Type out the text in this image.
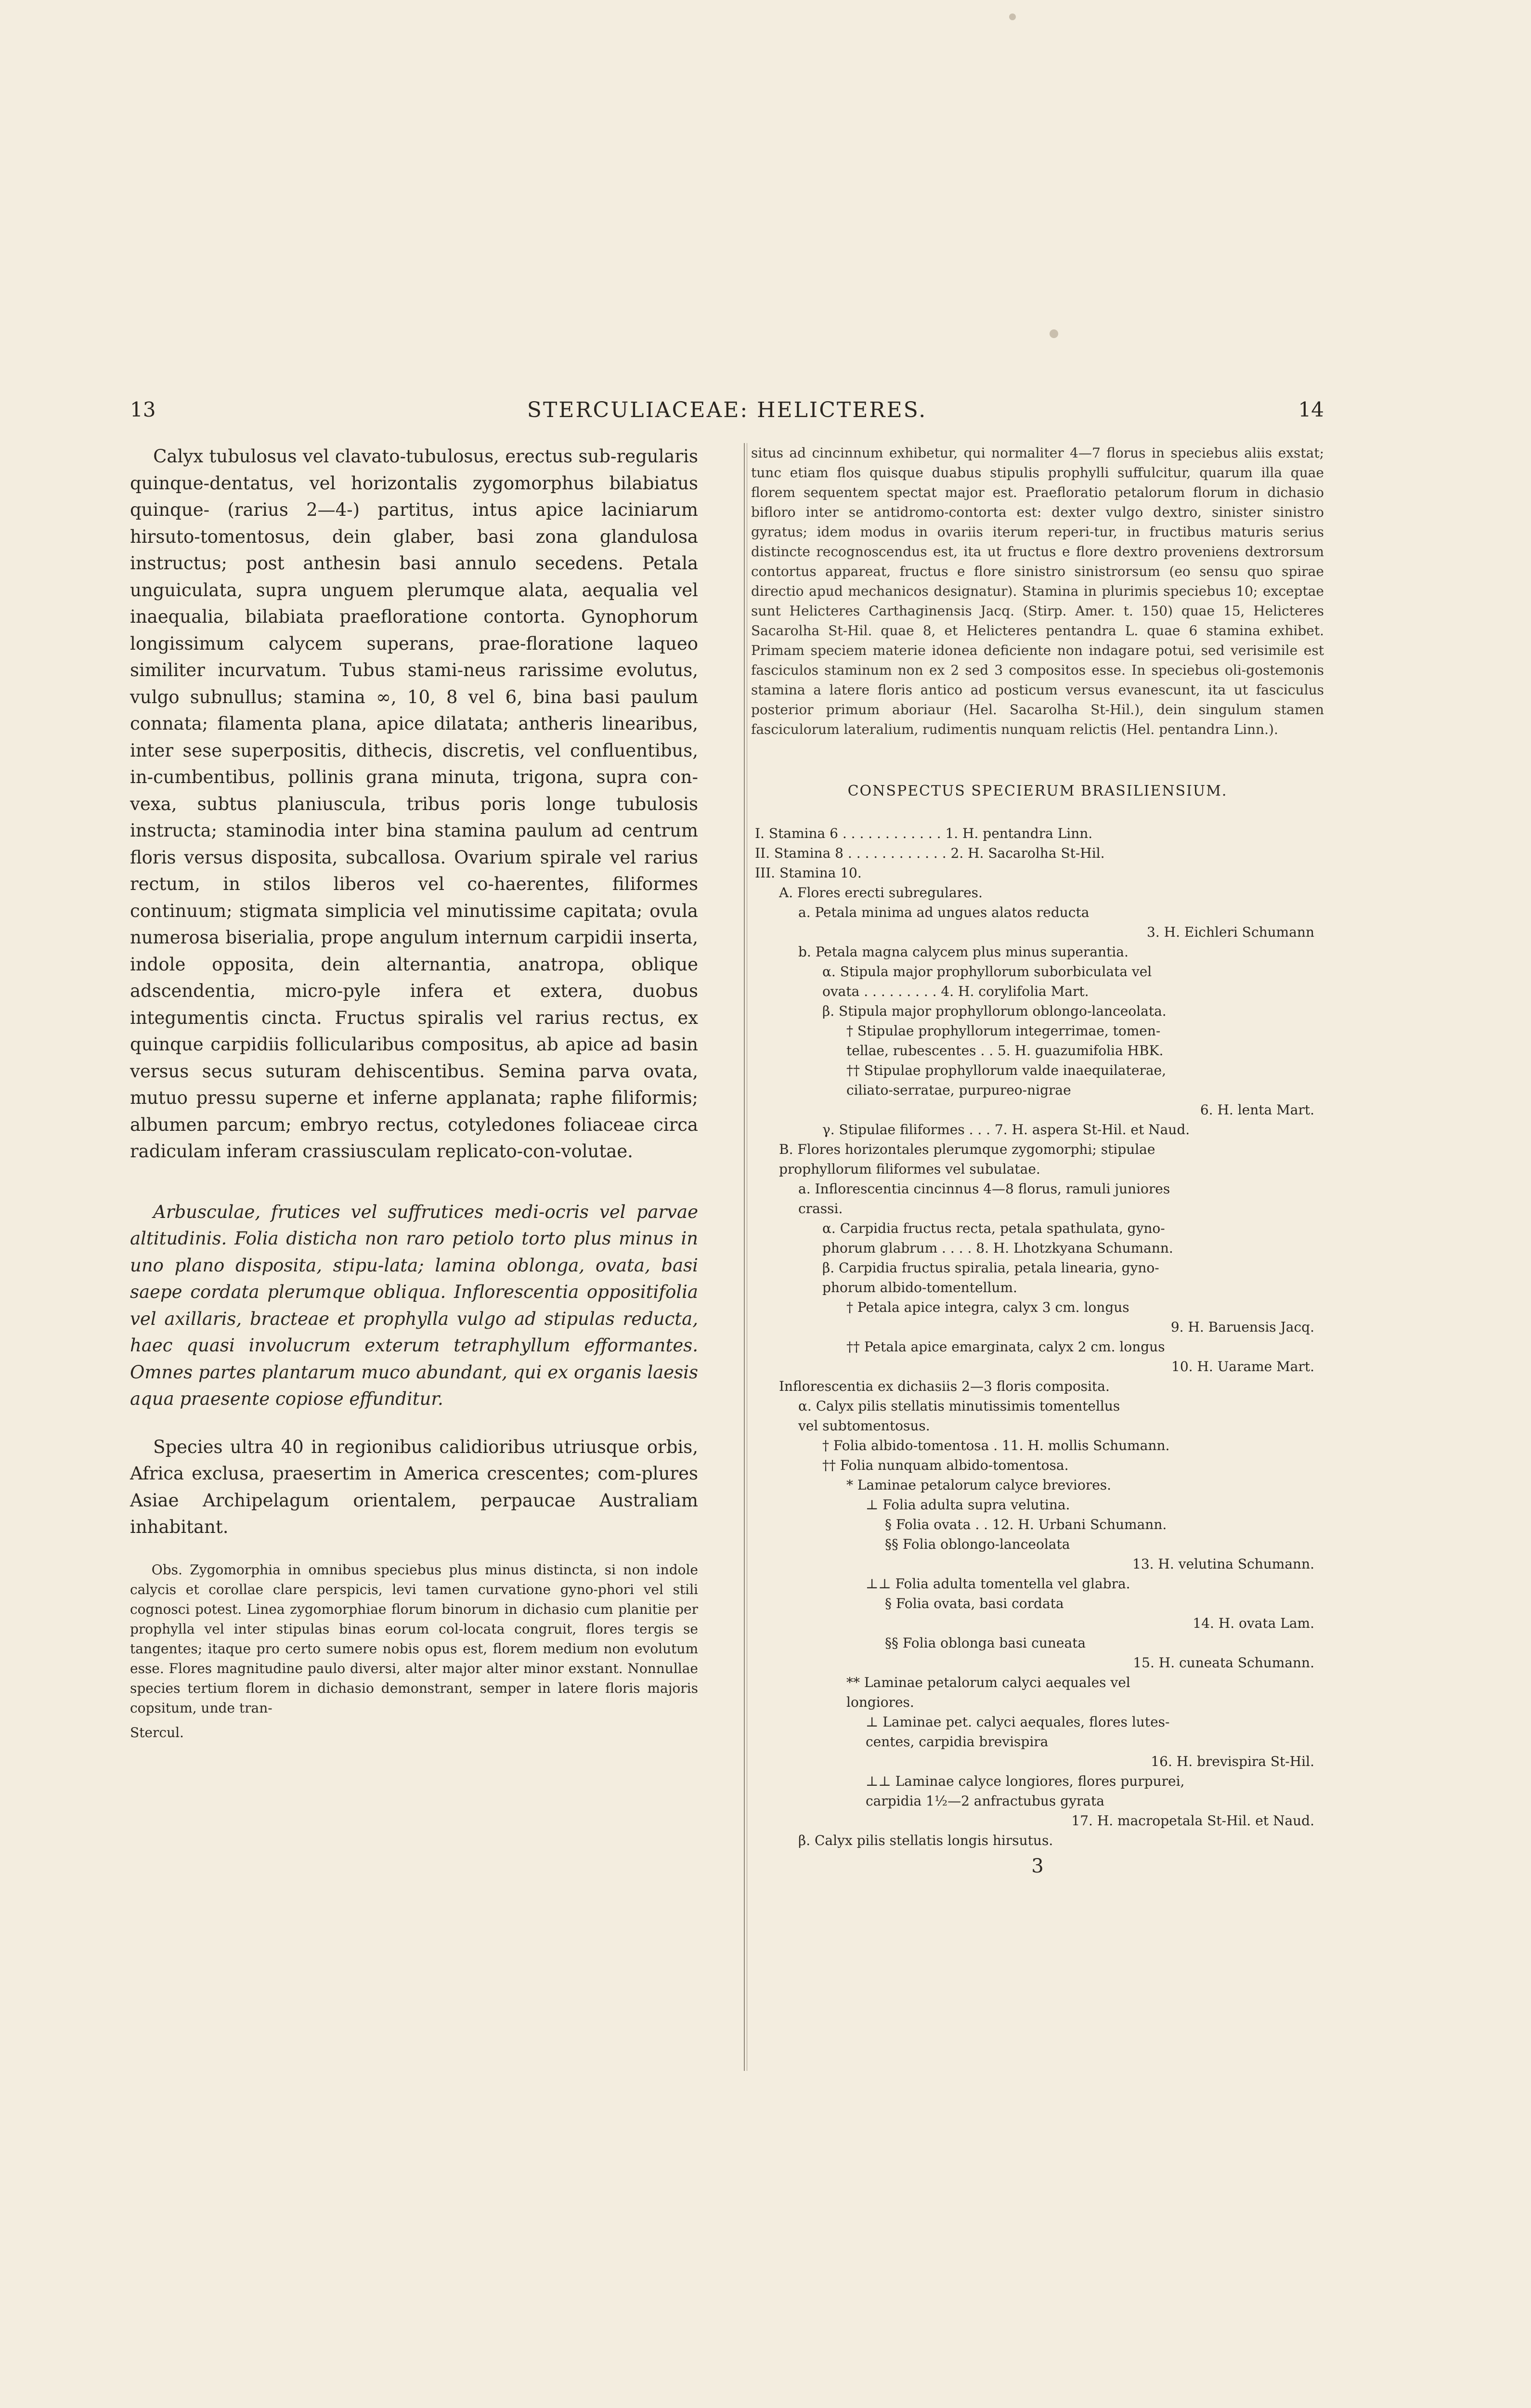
13	STERCULIACEAE: HELICTERES.	14

Calyx tubulosus vel clavato-tubulosus, erectus sub-regularis quinque-dentatus, vel horizontalis zygomorphus bilabiatus quinque- (rarius 2—4-) partitus, intus apice laciniarum hirsuto-tomentosus, dein glaber, basi zona glandulosa instructus; post anthesin basi annulo secedens. Petala unguiculata, supra unguem plerumque alata, aequalia vel inaequalia, bilabiata praefloratione contorta. Gynophorum longissimum calycem superans, prae-floratione laqueo similiter incurvatum. Tubus stami-neus rarissime evolutus, vulgo subnullus; stamina ∞, 10, 8 vel 6, bina basi paulum connata; filamenta plana, apice dilatata; antheris linearibus, inter sese superpositis, dithecis, discretis, vel confluentibus, in-cumbentibus, pollinis grana minuta, trigona, supra con-vexa, subtus planiuscula, tribus poris longe tubulosis instructa; staminodia inter bina stamina paulum ad centrum floris versus disposita, subcallosa. Ovarium spirale vel rarius rectum, in stilos liberos vel co-haerentes, filiformes continuum; stigmata simplicia vel minutissime capitata; ovula numerosa biserialia, prope angulum internum carpidii inserta, indole opposita, dein alternantia, anatropa, oblique adscendentia, micro-pyle infera et extera, duobus integumentis cincta. Fructus spiralis vel rarius rectus, ex quinque carpidiis follicularibus compositus, ab apice ad basin versus secus suturam dehiscentibus. Semina parva ovata, mutuo pressu superne et inferne applanata; raphe filiformis; albumen parcum; embryo rectus, cotyledones foliaceae circa radiculam inferam crassiusculam replicato-con-volutae.

Arbusculae, frutices vel suffrutices medi-ocris vel parvae altitudinis. Folia disticha non raro petiolo torto plus minus in uno plano disposita, stipu-lata; lamina oblonga, ovata, basi saepe cordata plerumque obliqua. Inflorescentia oppositifolia vel axillaris, bracteae et prophylla vulgo ad stipulas reducta, haec quasi involucrum exterum tetraphyllum efformantes. Omnes partes plantarum muco abundant, qui ex organis laesis aqua praesente copiose effunditur.

Species ultra 40 in regionibus calidioribus utriusque orbis, Africa exclusa, praesertim in America crescentes; com-plures Asiae Archipelagum orientalem, perpaucae Australiam inhabitant.

Obs. Zygomorphia in omnibus speciebus plus minus distincta, si non indole calycis et corollae clare perspicis, levi tamen curvatione gyno-phori vel stili cognosci potest. Linea zygomorphiae florum binorum in dichasio cum planitie per prophylla vel inter stipulas binas eorum col-locata congruit, flores tergis se tangentes; itaque pro certo sumere nobis opus est, florem medium non evolutum esse. Flores magnitudine paulo diversi, alter major alter minor exstant. Nonnullae species tertium florem in dichasio demonstrant, semper in latere floris majoris copsitum, unde tran-

Stercul.

situs ad cincinnum exhibetur, qui normaliter 4—7 florus in speciebus aliis exstat; tunc etiam flos quisque duabus stipulis prophylli suffulcitur, quarum illa quae florem sequentem spectat major est. Praefloratio petalorum florum in dichasio bifloro inter se antidromo-contorta est: dexter vulgo dextro, sinister sinistro gyratus; idem modus in ovariis iterum reperi-tur, in fructibus maturis serius distincte recognoscendus est, ita ut fructus e flore dextro proveniens dextrorsum contortus appareat, fructus e flore sinistro sinistrorsum (eo sensu quo spirae directio apud mechanicos designatur). Stamina in plurimis speciebus 10; exceptae sunt Helicteres Carthaginensis Jacq. (Stirp. Amer. t. 150) quae 15, Helicteres Sacarolha St-Hil. quae 8, et Helicteres pentandra L. quae 6 stamina exhibet. Primam speciem materie idonea deficiente non indagare potui, sed verisimile est fasciculos staminum non ex 2 sed 3 compositos esse. In speciebus oli-gostemonis stamina a latere floris antico ad posticum versus evanescunt, ita ut fasciculus posterior primum aboriaur (Hel. Sacarolha St-Hil.), dein singulum stamen fasciculorum lateralium, rudimentis nunquam relictis (Hel. pentandra Linn.).

CONSPECTUS SPECIERUM BRASILIENSIUM.
I. Stamina 6 . . . . . . . . . . . . 1. H. pentandra Linn.
II. Stamina 8 . . . . . . . . . . . . 2. H. Sacarolha St-Hil.
III. Stamina 10.
A. Flores erecti subregulares.
a. Petala minima ad ungues alatos reducta
3. H. Eichleri Schumann
b. Petala magna calycem plus minus superantia.
α. Stipula major prophyllorum suborbiculata vel
ovata . . . . . . . . . 4. H. corylifolia Mart.
β. Stipula major prophyllorum oblongo-lanceolata.
† Stipulae prophyllorum integerrimae, tomen-
tellae, rubescentes . . 5. H. guazumifolia HBK.
†† Stipulae prophyllorum valde inaequilaterae,
ciliato-serratae, purpureo-nigrae
6. H. lenta Mart.
γ. Stipulae filiformes . . . 7. H. aspera St-Hil. et Naud.
B. Flores horizontales plerumque zygomorphi; stipulae
prophyllorum filiformes vel subulatae.
a. Inflorescentia cincinnus 4—8 florus, ramuli juniores
crassi.
α. Carpidia fructus recta, petala spathulata, gyno-
phorum glabrum . . . . 8. H. Lhotzkyana Schumann.
β. Carpidia fructus spiralia, petala linearia, gyno-
phorum albido-tomentellum.
† Petala apice integra, calyx 3 cm. longus
9. H. Baruensis Jacq.
†† Petala apice emarginata, calyx 2 cm. longus
10. H. Uarame Mart.
Inflorescentia ex dichasiis 2—3 floris composita.
α. Calyx pilis stellatis minutissimis tomentellus
vel subtomentosus.
† Folia albido-tomentosa . 11. H. mollis Schumann.
†† Folia nunquam albido-tomentosa.
* Laminae petalorum calyce breviores.
⊥ Folia adulta supra velutina.
§ Folia ovata . . 12. H. Urbani Schumann.
§§ Folia oblongo-lanceolata
13. H. velutina Schumann.
⊥⊥ Folia adulta tomentella vel glabra.
§ Folia ovata, basi cordata
14. H. ovata Lam.
§§ Folia oblonga basi cuneata
15. H. cuneata Schumann.
** Laminae petalorum calyci aequales vel
longiores.
⊥ Laminae pet. calyci aequales, flores lutes-
centes, carpidia brevispira
16. H. brevispira St-Hil.
⊥⊥ Laminae calyce longiores, flores purpurei,
carpidia 1½—2 anfractubus gyrata
17. H. macropetala St-Hil. et Naud.
β. Calyx pilis stellatis longis hirsutus.
3
